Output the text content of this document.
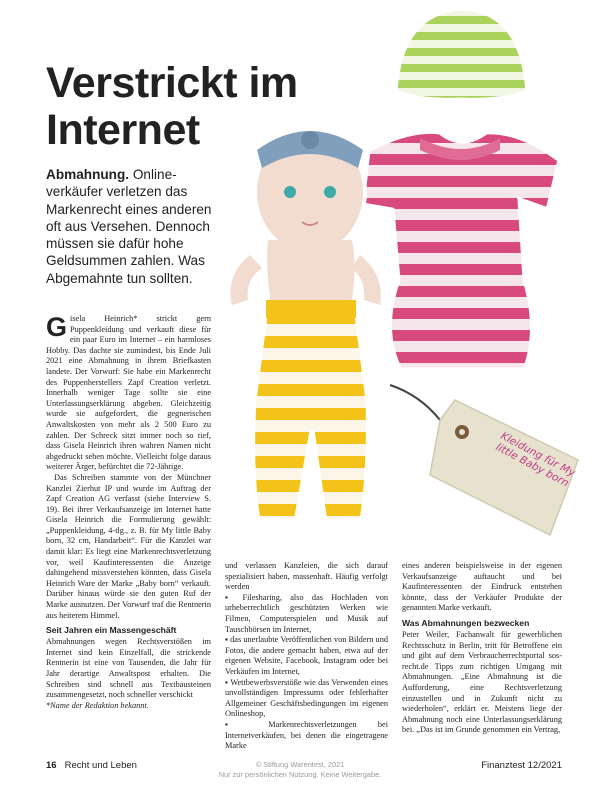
Kleidung für My little Baby born
Verstrickt im
Internet
Abmahnung. Onlineverkäufer verletzen das Markenrecht eines anderen oft aus Versehen. Dennoch müssen sie dafür hohe Geldsummen zahlen. Was Abgemahnte tun sollten.

Gisela Heinrich* strickt gern Puppenkleidung und verkauft diese für ein paar Euro im Internet – ein harmloses Hobby. Das dachte sie zumindest, bis Ende Juli 2021 eine Abmahnung in ihrem Briefkasten landete. Der Vorwurf: Sie habe ein Markenrecht des Puppenherstellers Zapf Creation verletzt. Innerhalb weniger Tage sollte sie eine Unterlassungserklärung abgeben. Gleichzeitig wurde sie aufgefordert, die gegnerischen Anwaltskosten von mehr als 2 500 Euro zu zahlen. Der Schreck sitzt immer noch so tief, dass Gisela Heinrich ihren wahren Namen nicht abgedruckt sehen möchte. Vielleicht folge daraus weiterer Ärger, befürchtet die 72-Jährige.

Das Schreiben stammte von der Münchner Kanzlei Zierhut IP und wurde im Auftrag der Zapf Creation AG verfasst (siehe Interview S. 19). Bei ihrer Verkaufsanzeige im Internet hatte Gisela Heinrich die Formulierung gewählt: „Puppenkleidung, 4-tlg., z. B. für My little Baby born, 32 cm, Handarbeit“. Für die Kanzlei war damit klar: Es liegt eine Markenrechtsverletzung vor, weil Kaufinteressenten die Anzeige dahingehend missverstehen könnten, dass Gisela Heinrich Ware der Marke „Baby born“ verkauft. Darüber hinaus würde sie den guten Ruf der Marke ausnutzen. Der Vorwurf traf die Rentnerin aus heiterem Himmel.

Seit Jahren ein Massengeschäft

Abmahnungen wegen Rechtsverstößen im Internet sind kein Einzelfall, die strickende Rentnerin ist eine von Tausenden, die Jahr für Jahr derartige Anwaltspost erhalten. Die Schreiben sind schnell aus Textbausteinen zusammengesetzt, noch schneller verschickt

*Name der Redaktion bekannt.

und verlassen Kanzleien, die sich darauf spezialisiert haben, massenhaft. Häufig verfolgt werden

▪ Filesharing, also das Hochladen von urheberrechtlich geschützten Werken wie Filmen, Computerspielen und Musik auf Tauschbörsen im Internet,

▪ das unerlaubte Veröffentlichen von Bildern und Fotos, die andere gemacht haben, etwa auf der eigenen Website, Facebook, Instagram oder bei Verkäufen im Internet,

▪ Wettbewerbsverstöße wie das Verwenden eines unvollständigen Impressums oder fehlerhafter Allgemeiner Geschäftsbedingungen im eigenen Onlineshop,

▪ Markenrechtsverletzungen bei Internetverkäufen, bei denen die eingetragene Marke

eines anderen beispielsweise in der eigenen Verkaufsanzeige auftaucht und bei Kaufinteressenten der Eindruck entstehen könnte, dass der Verkäufer Produkte der genannten Marke verkauft.

Was Abmahnungen bezwecken

Peter Weiler, Fachanwalt für gewerblichen Rechtsschutz in Berlin, tritt für Betroffene ein und gibt auf dem Verbraucherrechtportal sos-recht.de Tipps zum richtigen Umgang mit Abmahnungen. „Eine Abmahnung ist die Aufforderung, eine Rechtsverletzung einzustellen und in Zukunft nicht zu wiederholen“, erklärt er. Meistens liege der Abmahnung noch eine Unterlassungserklärung bei. „Das ist im Grunde genommen ein Vertrag,

16 Recht und Leben	© Stiftung Warentest, 2021
Nur zur persönlichen Nutzung. Keine Weitergabe.
Finanztest 12/2021
